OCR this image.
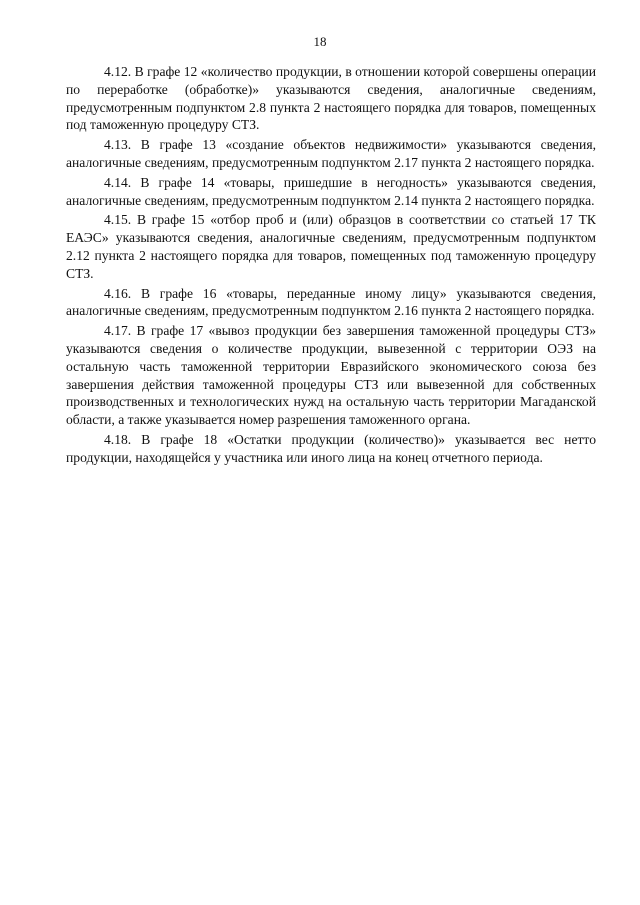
18

4.12. В графе 12 «количество продукции, в отношении которой совершены операции по переработке (обработке)» указываются сведения, аналогичные сведениям, предусмотренным подпунктом 2.8 пункта 2 настоящего порядка для товаров, помещенных под таможенную процедуру СТЗ.

4.13. В графе 13 «создание объектов недвижимости» указываются сведения, аналогичные сведениям, предусмотренным подпунктом 2.17 пункта 2 настоящего порядка.

4.14. В графе 14 «товары, пришедшие в негодность» указываются сведения, аналогичные сведениям, предусмотренным подпунктом 2.14 пункта 2 настоящего порядка.

4.15. В графе 15 «отбор проб и (или) образцов в соответствии со статьей 17 ТК ЕАЭС» указываются сведения, аналогичные сведениям, предусмотренным подпунктом 2.12 пункта 2 настоящего порядка для товаров, помещенных под таможенную процедуру СТЗ.

4.16. В графе 16 «товары, переданные иному лицу» указываются сведения, аналогичные сведениям, предусмотренным подпунктом 2.16 пункта 2 настоящего порядка.

4.17. В графе 17 «вывоз продукции без завершения таможенной процедуры СТЗ» указываются сведения о количестве продукции, вывезенной с территории ОЭЗ на остальную часть таможенной территории Евразийского экономического союза без завершения действия таможенной процедуры СТЗ или вывезенной для собственных производственных и технологических нужд на остальную часть территории Магаданской области, а также указывается номер разрешения таможенного органа.

4.18. В графе 18 «Остатки продукции (количество)» указывается вес нетто продукции, находящейся у участника или иного лица на конец отчетного периода.
